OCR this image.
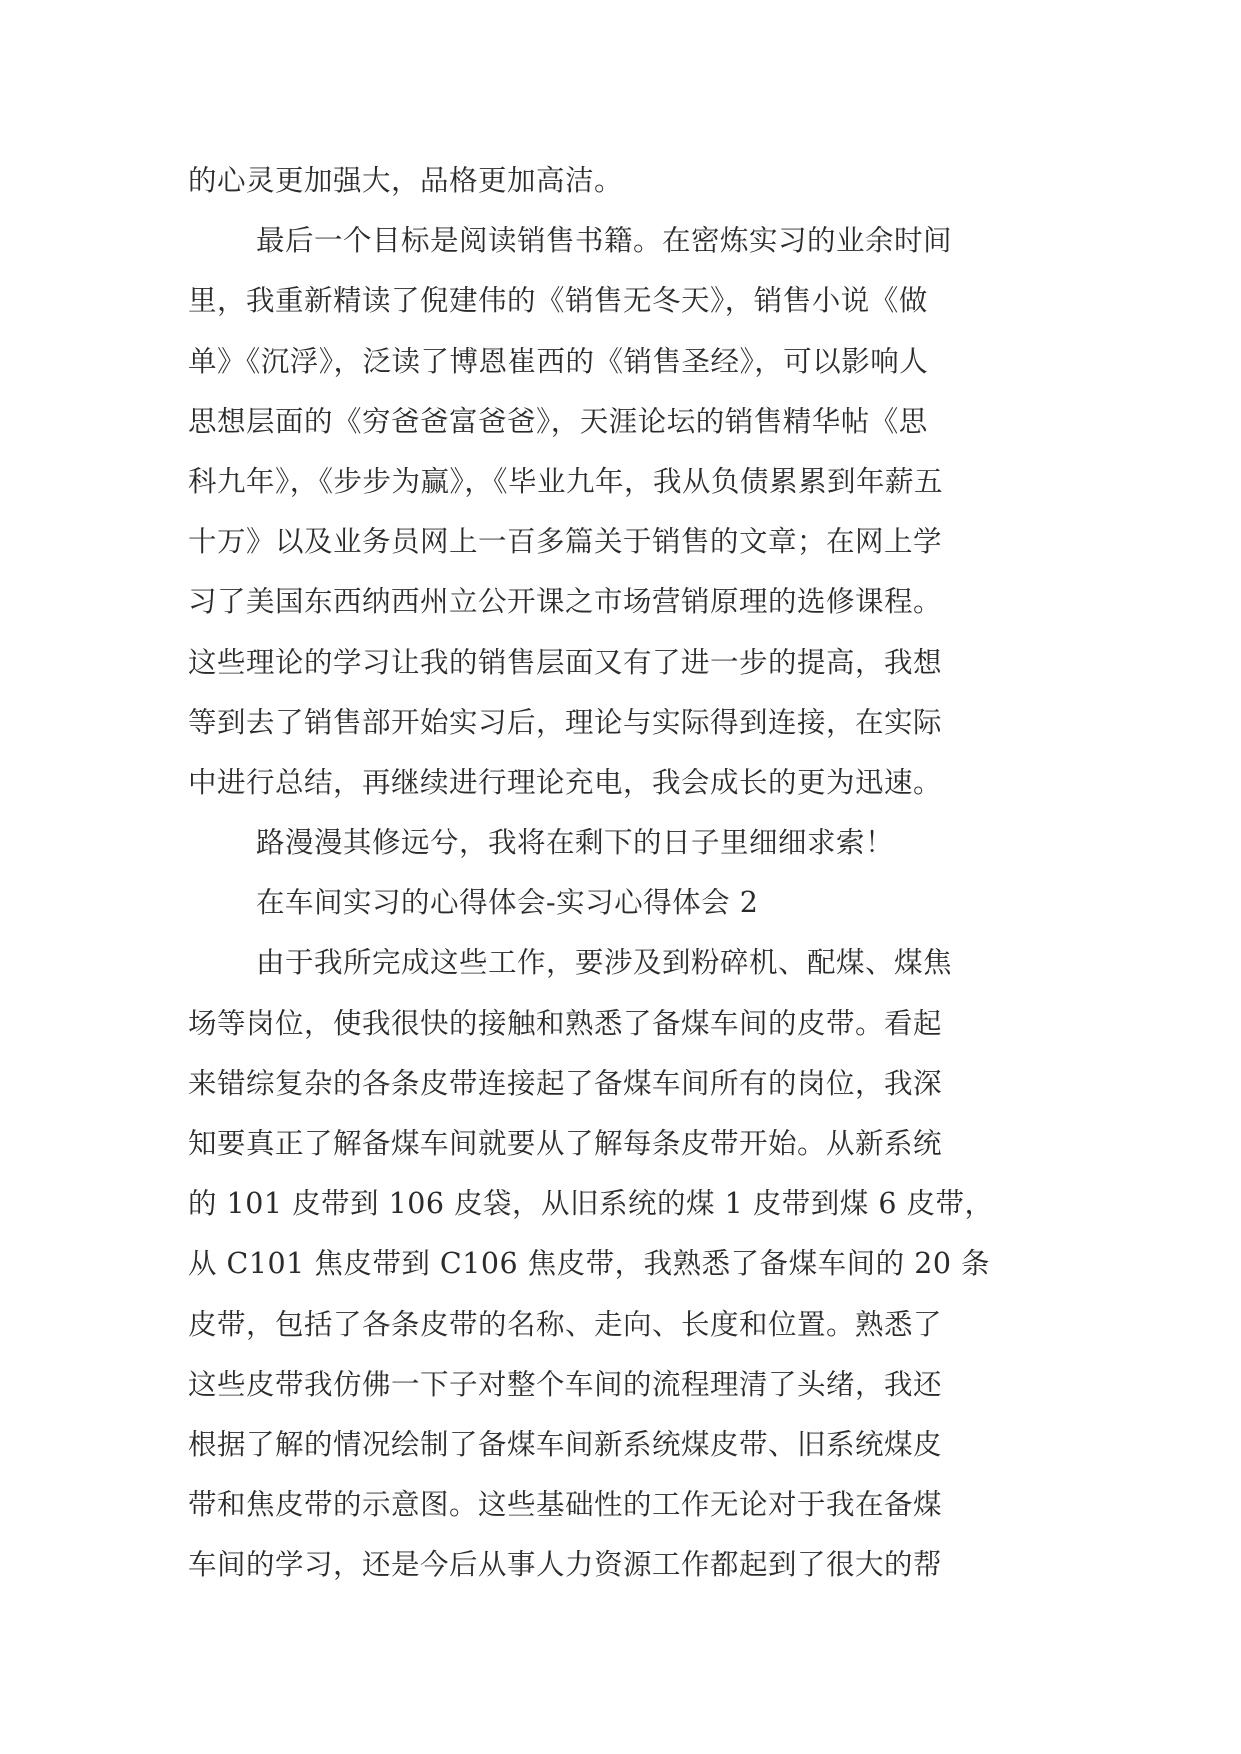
的心灵更加强大，品格更加高洁。
最后一个目标是阅读销售书籍。在密炼实习的业余时间
里，我重新精读了倪建伟的《销售无冬天》，销售小说《做
单》《沉浮》，泛读了博恩崔西的《销售圣经》，可以影响人
思想层面的《穷爸爸富爸爸》，天涯论坛的销售精华帖《思
科九年》，《步步为赢》，《毕业九年，我从负债累累到年薪五
十万》以及业务员网上一百多篇关于销售的文章；在网上学
习了美国东西纳西州立公开课之市场营销原理的选修课程。
这些理论的学习让我的销售层面又有了进一步的提高，我想
等到去了销售部开始实习后，理论与实际得到连接，在实际
中进行总结，再继续进行理论充电，我会成长的更为迅速。
路漫漫其修远兮，我将在剩下的日子里细细求索！
在车间实习的心得体会-实习心得体会 2
由于我所完成这些工作，要涉及到粉碎机、配煤、煤焦
场等岗位，使我很快的接触和熟悉了备煤车间的皮带。看起
来错综复杂的各条皮带连接起了备煤车间所有的岗位，我深
知要真正了解备煤车间就要从了解每条皮带开始。从新系统
的 101 皮带到 106 皮袋，从旧系统的煤 1 皮带到煤 6 皮带，
从 C101 焦皮带到 C106 焦皮带，我熟悉了备煤车间的 20 条
皮带，包括了各条皮带的名称、走向、长度和位置。熟悉了
这些皮带我仿佛一下子对整个车间的流程理清了头绪，我还
根据了解的情况绘制了备煤车间新系统煤皮带、旧系统煤皮
带和焦皮带的示意图。这些基础性的工作无论对于我在备煤
车间的学习，还是今后从事人力资源工作都起到了很大的帮
